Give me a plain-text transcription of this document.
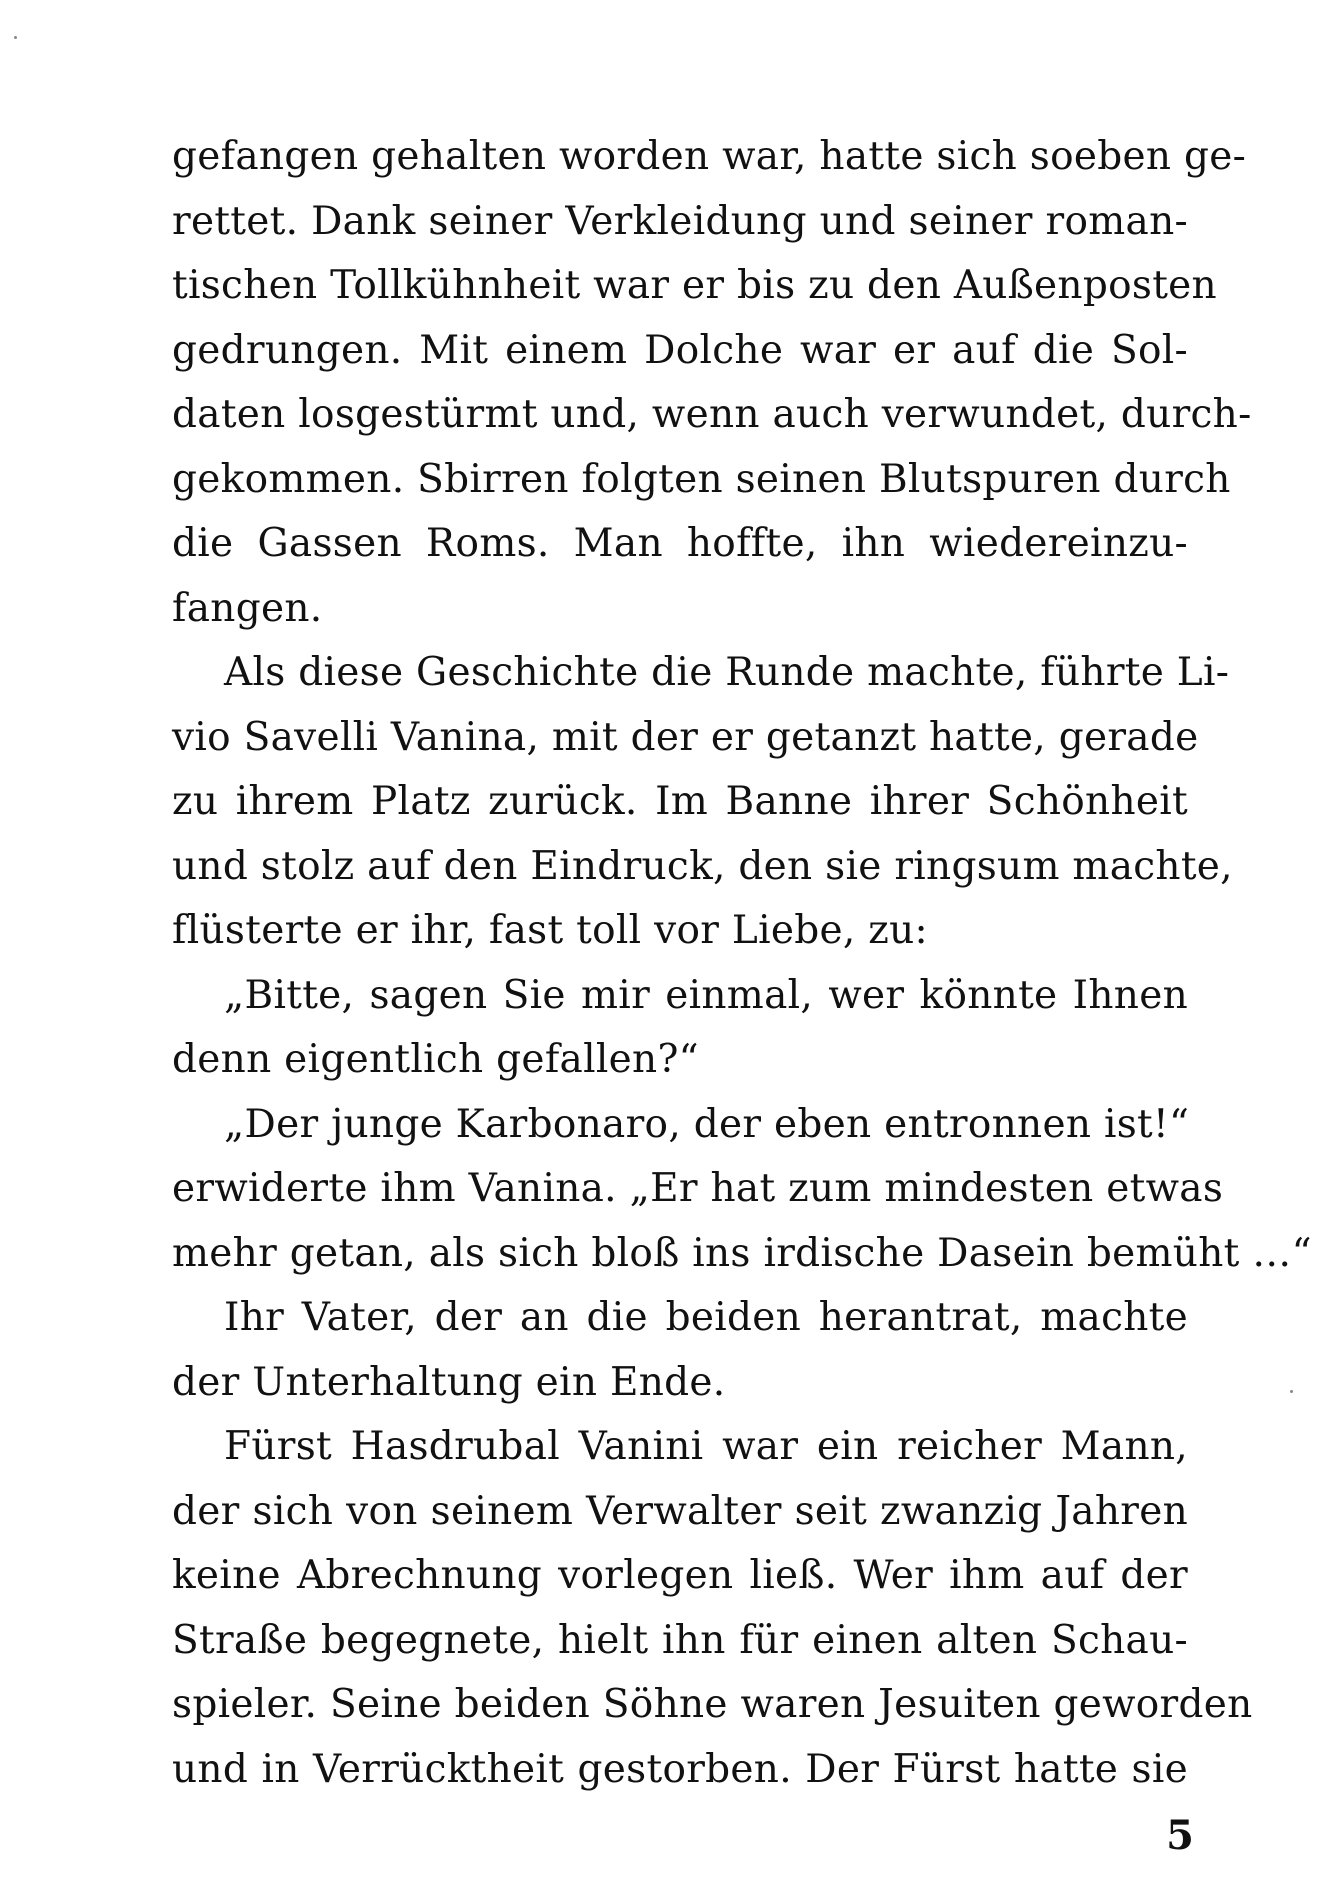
gefangen gehalten worden war, hatte sich soeben ge-
rettet. Dank seiner Verkleidung und seiner roman-
tischen Tollkühnheit war er bis zu den Außenposten
gedrungen. Mit einem Dolche war er auf die Sol-
daten losgestürmt und, wenn auch verwundet, durch-
gekommen. Sbirren folgten seinen Blutspuren durch
die Gassen Roms. Man hoffte, ihn wiedereinzu-
fangen.
Als diese Geschichte die Runde machte, führte Li-
vio Savelli Vanina, mit der er getanzt hatte, gerade
zu ihrem Platz zurück. Im Banne ihrer Schönheit
und stolz auf den Eindruck, den sie ringsum machte,
flüsterte er ihr, fast toll vor Liebe, zu:
„Bitte, sagen Sie mir einmal, wer könnte Ihnen
denn eigentlich gefallen?“
„Der junge Karbonaro, der eben entronnen ist!“
erwiderte ihm Vanina. „Er hat zum mindesten etwas
mehr getan, als sich bloß ins irdische Dasein bemüht …“
Ihr Vater, der an die beiden herantrat, machte
der Unterhaltung ein Ende.
Fürst Hasdrubal Vanini war ein reicher Mann,
der sich von seinem Verwalter seit zwanzig Jahren
keine Abrechnung vorlegen ließ. Wer ihm auf der
Straße begegnete, hielt ihn für einen alten Schau-
spieler. Seine beiden Söhne waren Jesuiten geworden
und in Verrücktheit gestorben. Der Fürst hatte sie
5
